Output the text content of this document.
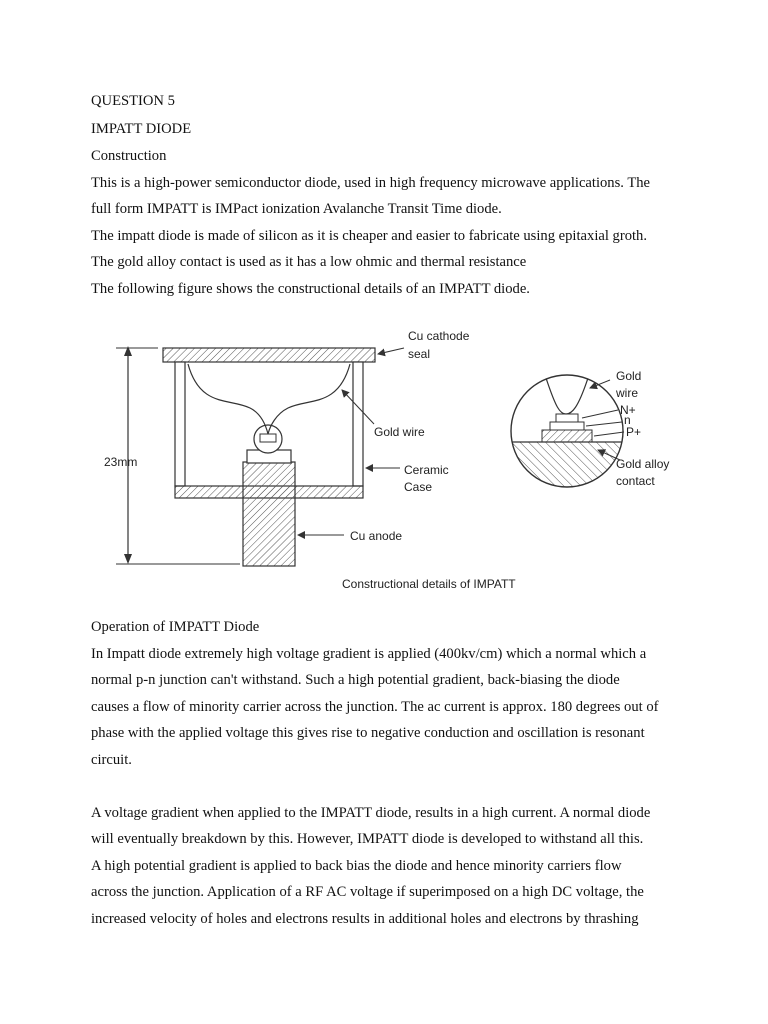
QUESTION 5

IMPATT DIODE

Construction

This is a high-power semiconductor diode, used in high frequency microwave applications. The

full form IMPATT is IMPact ionization Avalanche Transit Time diode.

The impatt diode is made of silicon as it is cheaper and easier to fabricate using epitaxial groth.

The gold alloy contact is used as it has a low ohmic and thermal resistance

The following figure shows the constructional details of an IMPATT diode.

23mm
Cu cathode
seal
Gold wire
Ceramic
Case
Cu anode
Gold
wire
N+
n
P+
Gold alloy
contact
Constructional details of IMPATT

Operation of IMPATT Diode

In Impatt diode extremely high voltage gradient is applied (400kv/cm) which a normal which a

normal p-n junction can't withstand. Such a high potential gradient, back-biasing the diode

causes a flow of minority carrier across the junction. The ac current is approx. 180 degrees out of

phase with the applied voltage this gives rise to negative conduction and oscillation is resonant

circuit.

A voltage gradient when applied to the IMPATT diode, results in a high current. A normal diode

will eventually breakdown by this. However, IMPATT diode is developed to withstand all this.

A high potential gradient is applied to back bias the diode and hence minority carriers flow

across the junction. Application of a RF AC voltage if superimposed on a high DC voltage, the

increased velocity of holes and electrons results in additional holes and electrons by thrashing
